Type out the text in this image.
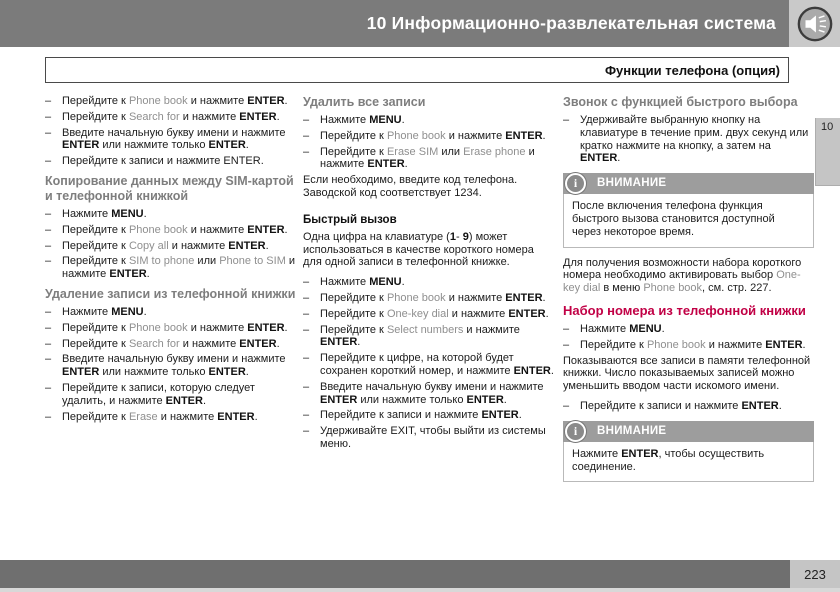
10 Информационно-развлекательная система
Функции телефона (опция)
10
– Перейдите к Phone book и нажмите ENTER.
– Перейдите к Search for и нажмите ENTER.
– Введите начальную букву имени и нажмите ENTER или нажмите только ENTER.
– Перейдите к записи и нажмите ENTER.
Копирование данных между SIM-картой и телефонной книжкой
– Нажмите MENU.
– Перейдите к Phone book и нажмите ENTER.
– Перейдите к Copy all и нажмите ENTER.
– Перейдите к SIM to phone или Phone to SIM и нажмите ENTER.
Удаление записи из телефонной книжки
– Нажмите MENU.
– Перейдите к Phone book и нажмите ENTER.
– Перейдите к Search for и нажмите ENTER.
– Введите начальную букву имени и нажмите ENTER или нажмите только ENTER.
– Перейдите к записи, которую следует удалить, и нажмите ENTER.
– Перейдите к Erase и нажмите ENTER.
Удалить все записи
– Нажмите MENU.
– Перейдите к Phone book и нажмите ENTER.
– Перейдите к Erase SIM или Erase phone и нажмите ENTER.
Если необходимо, введите код телефона. Заводской код соответствует 1234.
Быстрый вызов
Одна цифра на клавиатуре (1- 9) может использоваться в качестве короткого номера для одной записи в телефонной книжке.
– Нажмите MENU.
– Перейдите к Phone book и нажмите ENTER.
– Перейдите к One-key dial и нажмите ENTER.
– Перейдите к Select numbers и нажмите ENTER.
– Перейдите к цифре, на которой будет сохранен короткий номер, и нажмите ENTER.
– Введите начальную букву имени и нажмите ENTER или нажмите только ENTER.
– Перейдите к записи и нажмите ENTER.
– Удерживайте EXIT, чтобы выйти из системы меню.
Звонок с функцией быстрого выбора
– Удерживайте выбранную кнопку на клавиатуре в течение прим. двух секунд или кратко нажмите на кнопку, а затем на ENTER.
i	ВНИМАНИЕ
После включения телефона функция быстрого вызова становится доступной через некоторое время.
Для получения возможности набора короткого номера необходимо активировать выбор One-key dial в меню Phone book, см. стр. 227.
Набор номера из телефонной книжки
– Нажмите MENU.
– Перейдите к Phone book и нажмите ENTER.
Показываются все записи в памяти телефонной книжки. Число показываемых записей можно уменьшить вводом части искомого имени.
– Перейдите к записи и нажмите ENTER.
i	ВНИМАНИЕ
Нажмите ENTER, чтобы осуществить соединение.
223
